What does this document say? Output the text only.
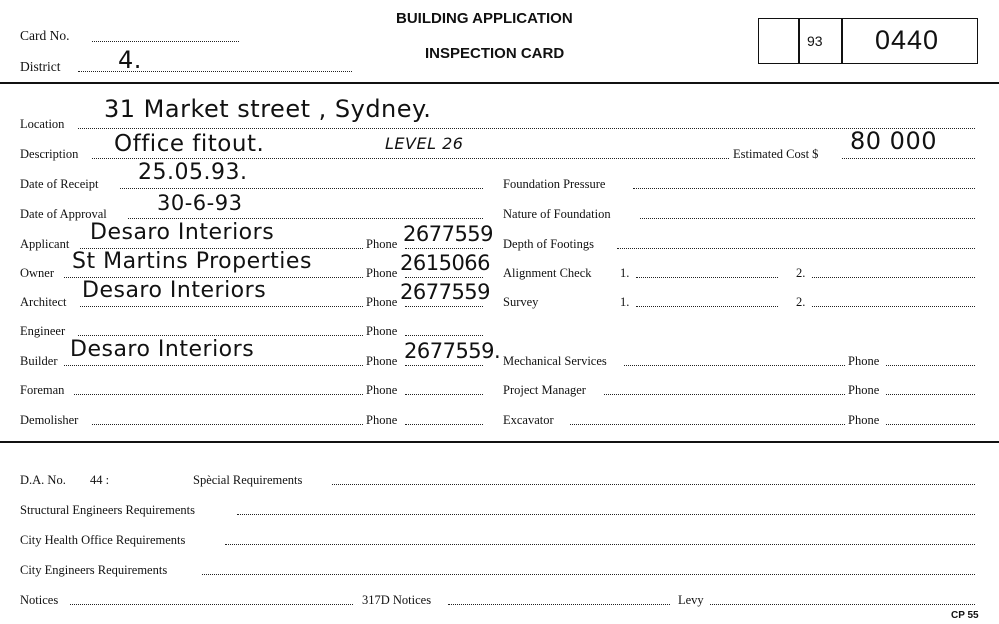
Card No.
District 4.
BUILDING APPLICATION
INSPECTION CARD
93 0440
Location
31 Market street , Sydney.
Description Office fitout.	LEVEL 26
Estimated Cost $ 80 000
Date of Receipt 25.05.93.	Foundation Pressure
Date of Approval 30-6-93	Nature of Foundation
Applicant Desaro Interiors	Phone 2677559 Depth of Footings
Owner St Martins Properties	Phone 2615066 Alignment Check 1.	2.
Architect Desaro Interiors	Phone 2677559 Survey	1.	2.
Engineer	Phone
Builder Desaro Interiors	Phone 2677559. Mechanical Services	Phone
Foreman	Phone	Project Manager	Phone
Demolisher	Phone	Excavator	Phone
D.A. No. 44 :	Spècial Requirements
Structural Engineers Requirements
City Health Office Requirements
City Engineers Requirements
Notices	317D Notices	Levy
CP 55
